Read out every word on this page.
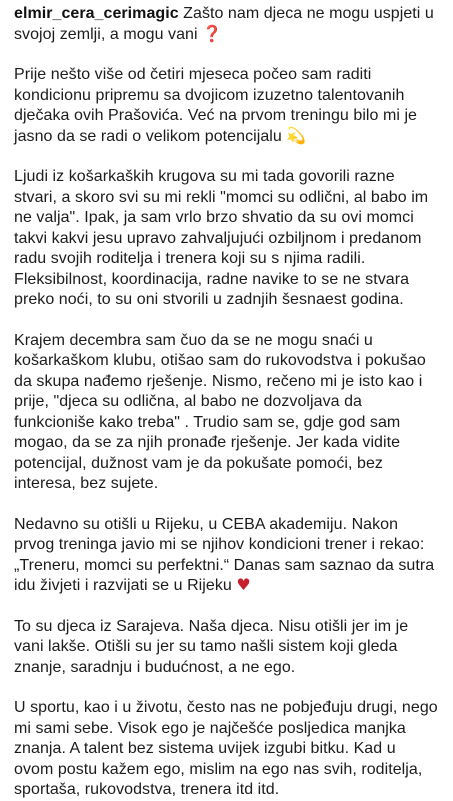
elmir_cera_cerimagic Zašto nam djeca ne mogu uspjeti u svojoj zemlji, a mogu vani ❓

Prije nešto više od četiri mjeseca počeo sam raditi kondicionu pripremu sa dvojicom izuzetno talentovanih dječaka ovih Prašovića. Već na prvom treningu bilo mi je jasno da se radi o velikom potencijalu 💫

Ljudi iz košarkaških krugova su mi tada govorili razne stvari, a skoro svi su mi rekli "momci su odlični, al babo im ne valja". Ipak, ja sam vrlo brzo shvatio da su ovi momci takvi kakvi jesu upravo zahvaljujući ozbiljnom i predanom radu svojih roditelja i trenera koji su s njima radili. Fleksibilnost, koordinacija, radne navike to se ne stvara preko noći, to su oni stvorili u zadnjih šesnaest godina.

Krajem decembra sam čuo da se ne mogu snaći u košarkaškom klubu, otišao sam do rukovodstva i pokušao da skupa nađemo rješenje. Nismo, rečeno mi je isto kao i prije, "djeca su odlična, al babo ne dozvoljava da funkcioniše kako treba" . Trudio sam se, gdje god sam mogao, da se za njih pronađe rješenje. Jer kada vidite potencijal, dužnost vam je da pokušate pomoći, bez interesa, bez sujete.

Nedavno su otišli u Rijeku, u CEBA akademiju. Nakon prvog treninga javio mi se njihov kondicioni trener i rekao: „Treneru, momci su perfektni.“ Danas sam saznao da sutra idu živjeti i razvijati se u Rijeku ♥

To su djeca iz Sarajeva. Naša djeca. Nisu otišli jer im je vani lakše. Otišli su jer su tamo našli sistem koji gleda znanje, saradnju i budućnost, a ne ego.

U sportu, kao i u životu, često nas ne pobjeđuju drugi, nego mi sami sebe. Visok ego je najčešće posljedica manjka znanja. A talent bez sistema uvijek izgubi bitku. Kad u ovom postu kažem ego, mislim na ego nas svih, roditelja, sportaša, rukovodstva, trenera itd itd.
